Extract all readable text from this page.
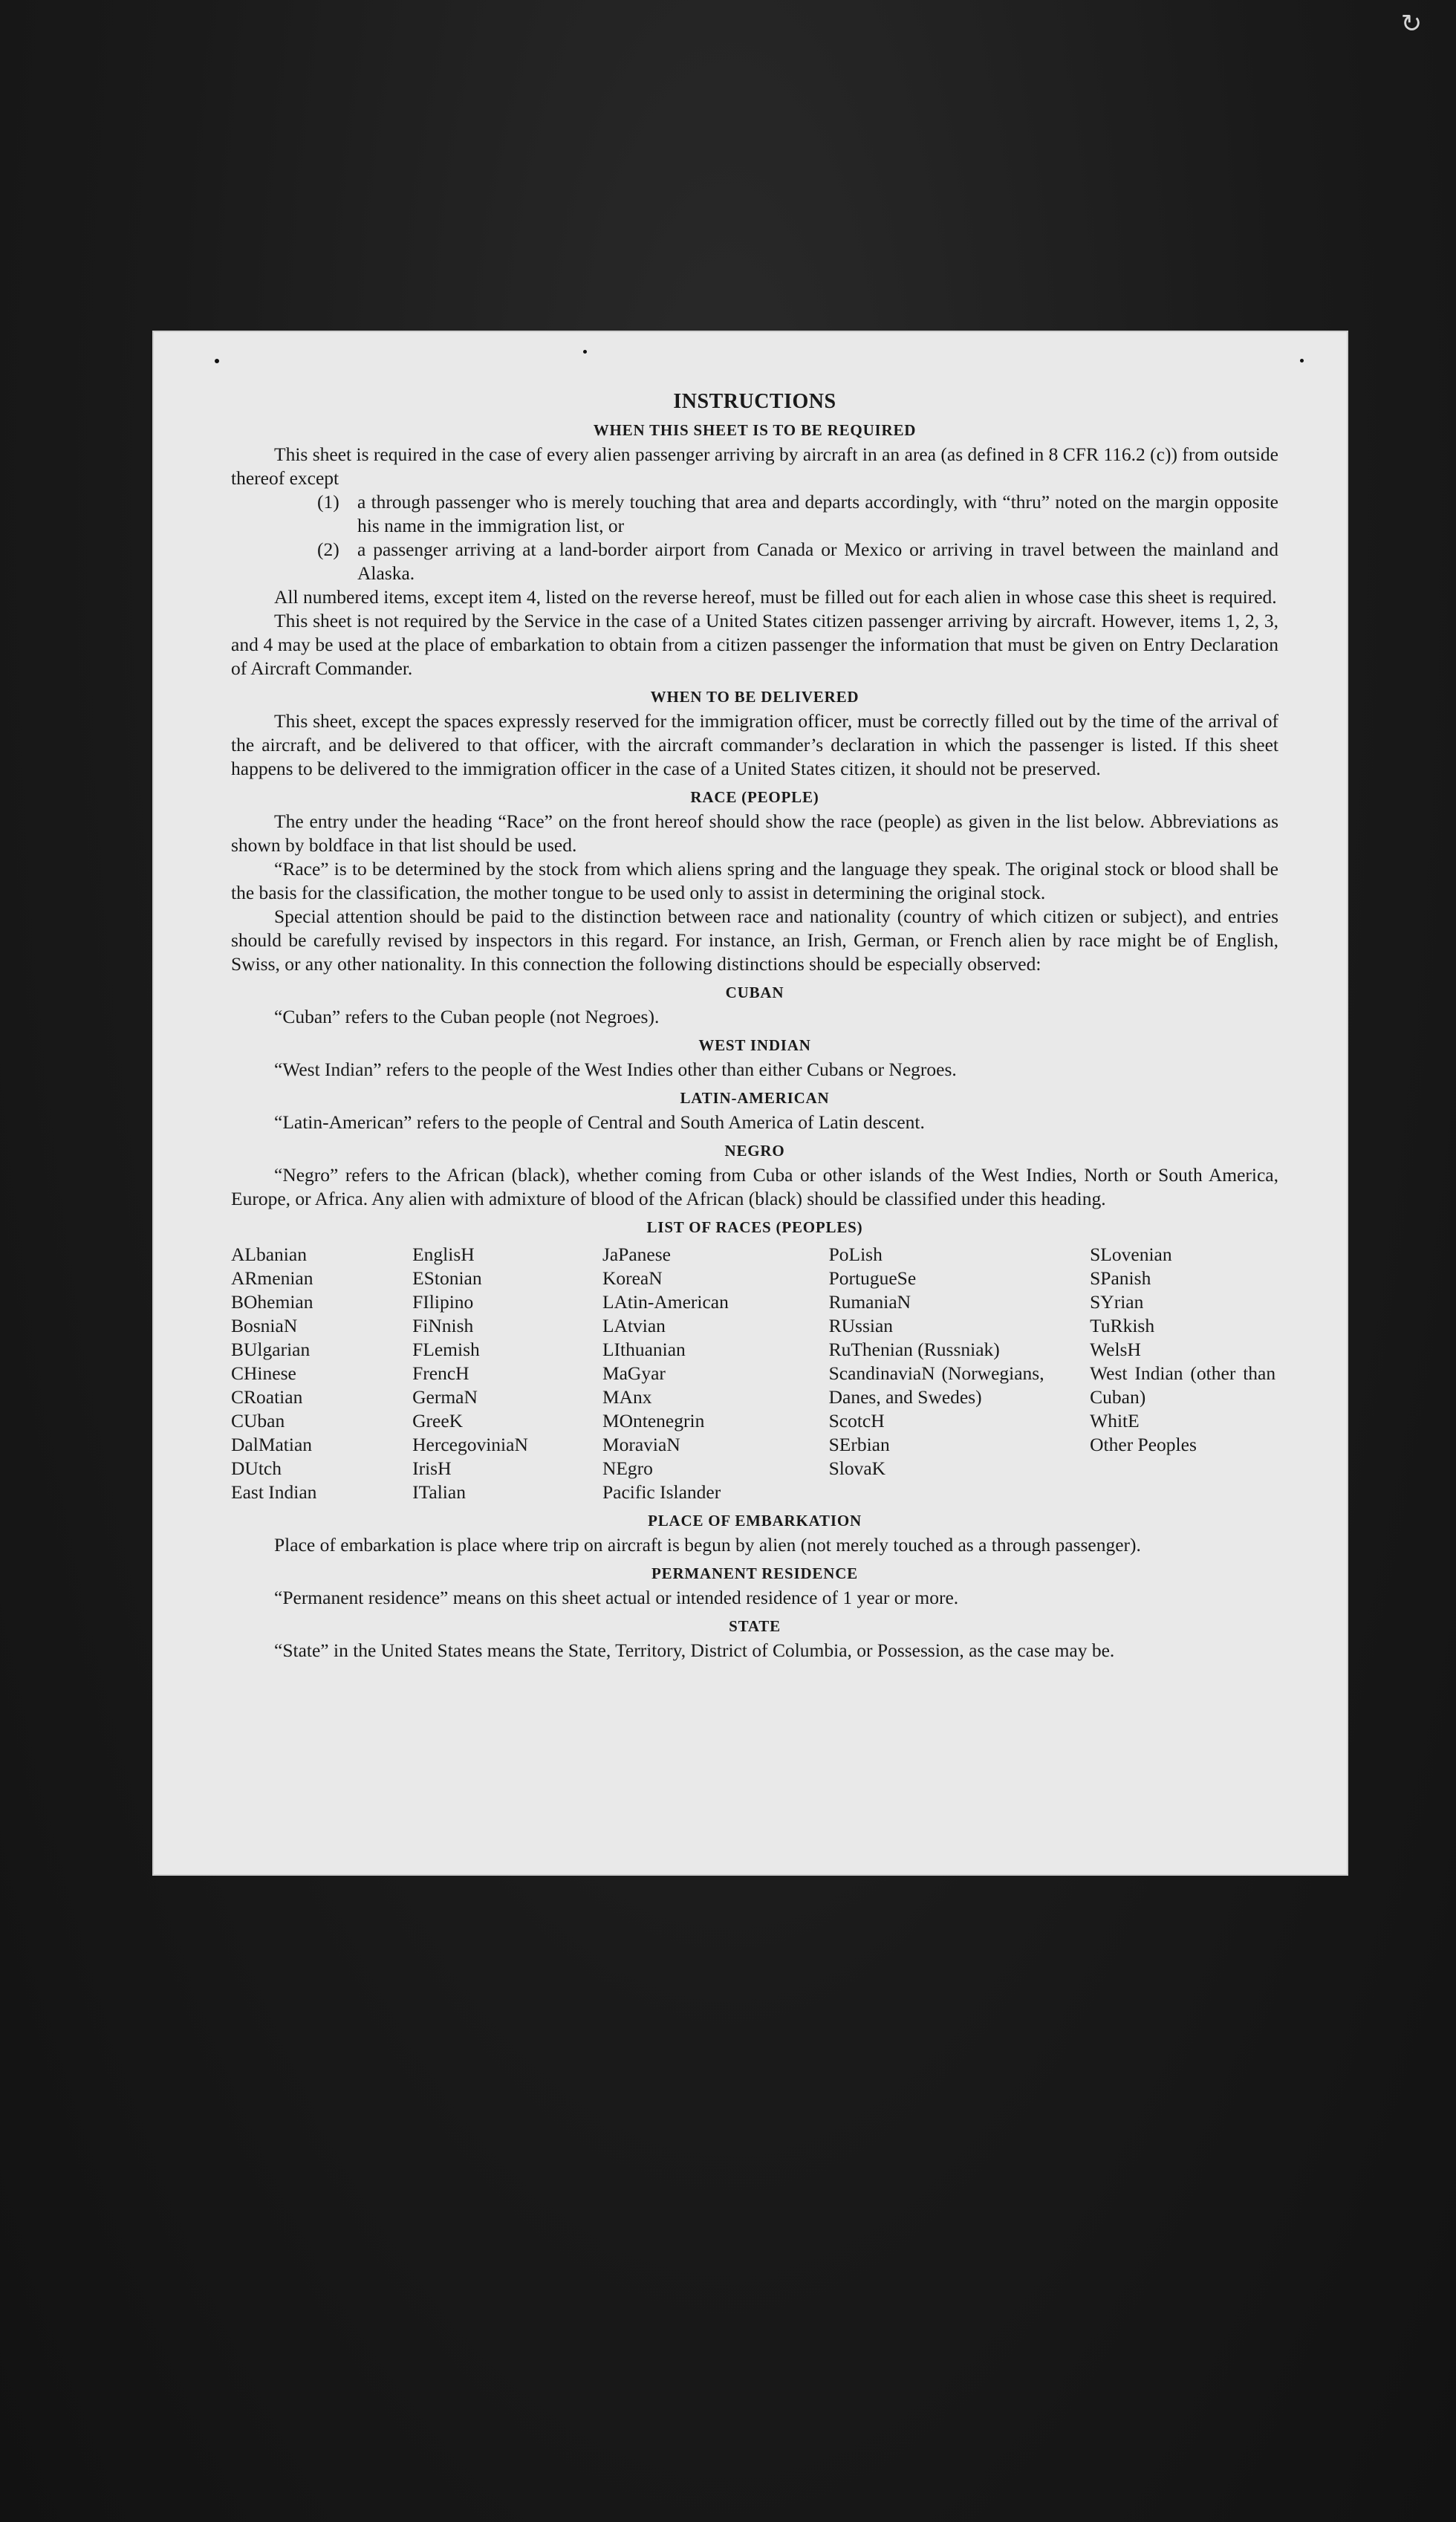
↻
INSTRUCTIONS
WHEN THIS SHEET IS TO BE REQUIRED

This sheet is required in the case of every alien passenger arriving by aircraft in an area (as defined in 8 CFR 116.2 (c)) from outside thereof except

(1) a through passenger who is merely touching that area and departs accordingly, with “thru” noted on the margin opposite his name in the immigration list, or
(2) a passenger arriving at a land-border airport from Canada or Mexico or arriving in travel between the mainland and Alaska.

All numbered items, except item 4, listed on the reverse hereof, must be filled out for each alien in whose case this sheet is required.

This sheet is not required by the Service in the case of a United States citizen passenger arriving by aircraft. However, items 1, 2, 3, and 4 may be used at the place of embarkation to obtain from a citizen passenger the information that must be given on Entry Declaration of Aircraft Commander.

WHEN TO BE DELIVERED

This sheet, except the spaces expressly reserved for the immigration officer, must be correctly filled out by the time of the arrival of the aircraft, and be delivered to that officer, with the aircraft commander’s declaration in which the passenger is listed. If this sheet happens to be delivered to the immigration officer in the case of a United States citizen, it should not be preserved.

RACE (PEOPLE)

The entry under the heading “Race” on the front hereof should show the race (people) as given in the list below. Abbreviations as shown by boldface in that list should be used.

“Race” is to be determined by the stock from which aliens spring and the language they speak. The original stock or blood shall be the basis for the classification, the mother tongue to be used only to assist in determining the original stock.

Special attention should be paid to the distinction between race and nationality (country of which citizen or subject), and entries should be carefully revised by inspectors in this regard. For instance, an Irish, German, or French alien by race might be of English, Swiss, or any other nationality. In this connection the following distinctions should be especially observed:

CUBAN

“Cuban” refers to the Cuban people (not Negroes).

WEST INDIAN

“West Indian” refers to the people of the West Indies other than either Cubans or Negroes.

LATIN-AMERICAN

“Latin-American” refers to the people of Central and South America of Latin descent.

NEGRO

“Negro” refers to the African (black), whether coming from Cuba or other islands of the West Indies, North or South America, Europe, or Africa. Any alien with admixture of blood of the African (black) should be classified under this heading.

LIST OF RACES (PEOPLES)
ALbanian
ARmenian
BOhemian
BosniaN
BUlgarian
CHinese
CRoatian
CUban
DalMatian
DUtch
East Indian
EnglisH
EStonian
FIlipino
FiNnish
FLemish
FrencH
GermaN
GreeK
HercegoviniaN
IrisH
ITalian
JaPanese
KoreaN
LAtin-American
LAtvian
LIthuanian
MaGyar
MAnx
MOntenegrin
MoraviaN
NEgro
Pacific Islander
PoLish
PortugueSe
RumaniaN
RUssian
RuThenian (Russniak)
ScandinaviaN (Norwegians, Danes, and Swedes)
ScotcH
SErbian
SlovaK
SLovenian
SPanish
SYrian
TuRkish
WelsH
West Indian (other than Cuban)
WhitE
Other Peoples
PLACE OF EMBARKATION

Place of embarkation is place where trip on aircraft is begun by alien (not merely touched as a through passenger).

PERMANENT RESIDENCE

“Permanent residence” means on this sheet actual or intended residence of 1 year or more.

STATE

“State” in the United States means the State, Territory, District of Columbia, or Possession, as the case may be.
